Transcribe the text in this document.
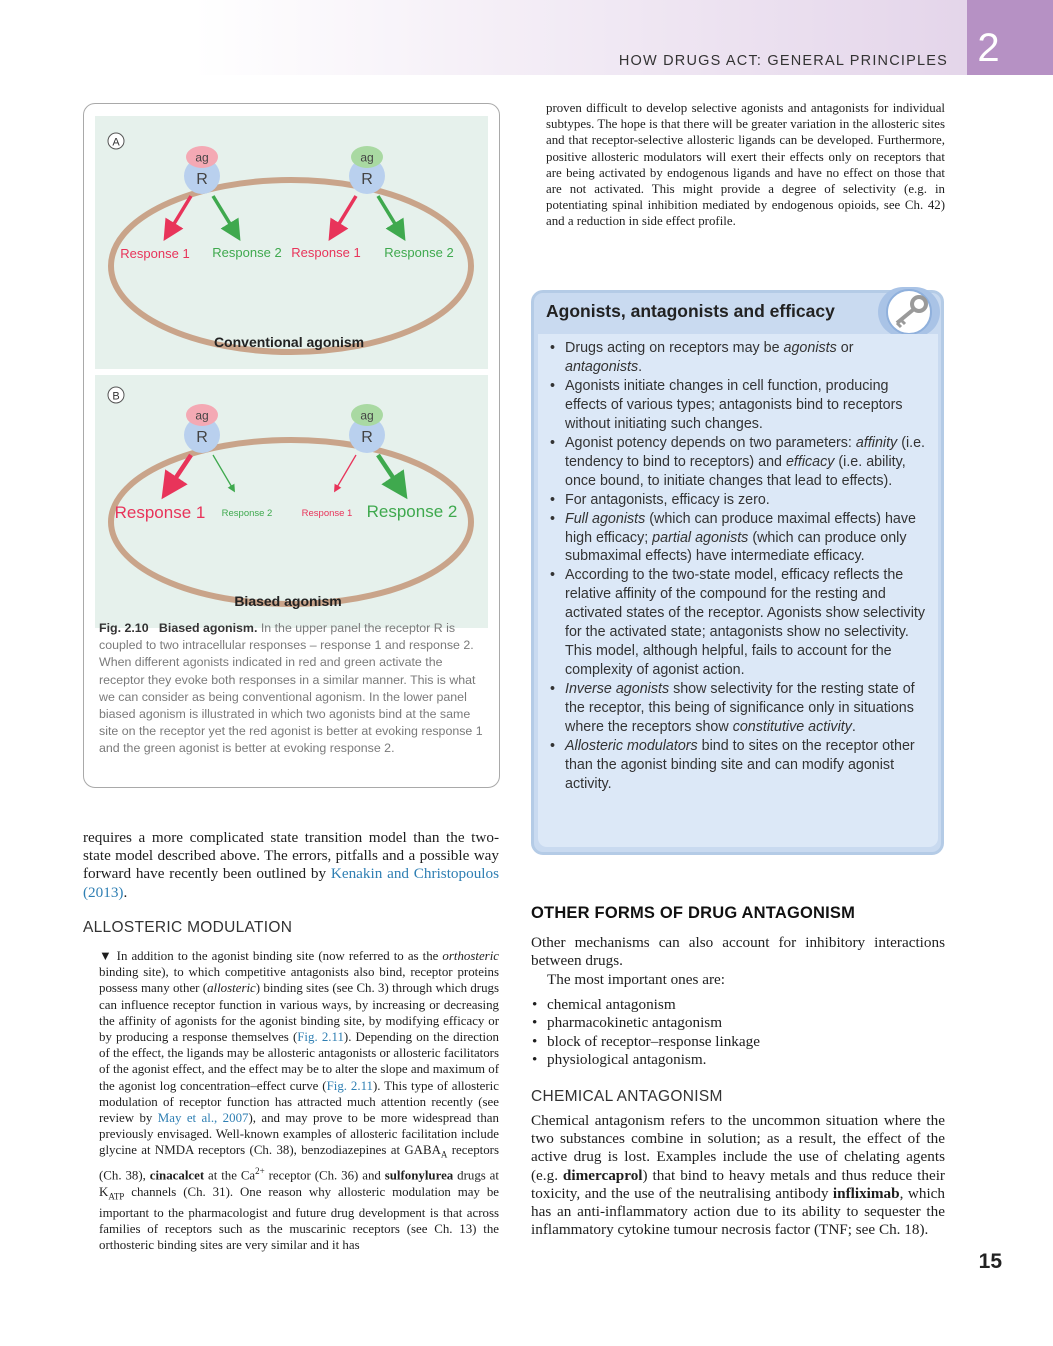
2
HOW DRUGS ACT: GENERAL PRINCIPLES
A
ag
R
ag
R
Response 1 Response 2 Response 1 Response 2
Conventional agonism
B
ag
R
ag
R
Response 1 Response 2	Response 1 Response 2
Biased agonism
Fig. 2.10 Biased agonism. In the upper panel the receptor R is coupled to two intracellular responses – response 1 and response 2. When different agonists indicated in red and green activate the receptor they evoke both responses in a similar manner. This is what we can consider as being conventional agonism. In the lower panel biased agonism is illustrated in which two agonists bind at the same site on the receptor yet the red agonist is better at evoking response 1 and the green agonist is better at evoking response 2.

requires a more complicated state transition model than the two-state model described above. The errors, pitfalls and a possible way forward have recently been outlined by Kenakin and Christopoulos (2013).

ALLOSTERIC MODULATION

▼ In addition to the agonist binding site (now referred to as the orthosteric binding site), to which competitive antagonists also bind, receptor proteins possess many other (allosteric) binding sites (see Ch. 3) through which drugs can influence receptor function in various ways, by increasing or decreasing the affinity of agonists for the agonist binding site, by modifying efficacy or by producing a response themselves (Fig. 2.11). Depending on the direction of the effect, the ligands may be allosteric antagonists or allosteric facilitators of the agonist effect, and the effect may be to alter the slope and maximum of the agonist log concentration–effect curve (Fig. 2.11). This type of allosteric modulation of receptor function has attracted much attention recently (see review by May et al., 2007), and may prove to be more widespread than previously envisaged. Well-known examples of allosteric facilitation include glycine at NMDA receptors (Ch. 38), benzodiazepines at $GABA_A$ receptors (Ch. 38), cinacalcet at the $Ca^{2+}$ receptor (Ch. 36) and sulfonylurea drugs at $K_{ATP}$ channels (Ch. 31). One reason why allosteric modulation may be important to the pharmacologist and future drug development is that across families of receptors such as the muscarinic receptors (see Ch. 13) the orthosteric binding sites are very similar and it has

proven difficult to develop selective agonists and antagonists for individual subtypes. The hope is that there will be greater variation in the allosteric sites and that receptor-selective allosteric ligands can be developed. Furthermore, positive allosteric modulators will exert their effects only on receptors that are being activated by endogenous ligands and have no effect on those that are not activated. This might provide a degree of selectivity (e.g. in potentiating spinal inhibition mediated by endogenous opioids, see Ch. 42) and a reduction in side effect profile.

Agonists, antagonists and efficacy
• Drugs acting on receptors may be agonists or antagonists.
• Agonists initiate changes in cell function, producing effects of various types; antagonists bind to receptors without initiating such changes.
• Agonist potency depends on two parameters: affinity (i.e. tendency to bind to receptors) and efficacy (i.e. ability, once bound, to initiate changes that lead to effects).
• For antagonists, efficacy is zero.
• Full agonists (which can produce maximal effects) have high efficacy; partial agonists (which can produce only submaximal effects) have intermediate efficacy.
• According to the two-state model, efficacy reflects the relative affinity of the compound for the resting and activated states of the receptor. Agonists show selectivity for the activated state; antagonists show no selectivity. This model, although helpful, fails to account for the complexity of agonist action.
• Inverse agonists show selectivity for the resting state of the receptor, this being of significance only in situations where the receptors show constitutive activity.
• Allosteric modulators bind to sites on the receptor other than the agonist binding site and can modify agonist activity.
OTHER FORMS OF DRUG ANTAGONISM

Other mechanisms can also account for inhibitory interactions between drugs.

The most important ones are:

• chemical antagonism
• pharmacokinetic antagonism
• block of receptor–response linkage
• physiological antagonism.
CHEMICAL ANTAGONISM

Chemical antagonism refers to the uncommon situation where the two substances combine in solution; as a result, the effect of the active drug is lost. Examples include the use of chelating agents (e.g. dimercaprol) that bind to heavy metals and thus reduce their toxicity, and the use of the neutralising antibody infliximab, which has an anti-inflammatory action due to its ability to sequester the inflammatory cytokine tumour necrosis factor (TNF; see Ch. 18).

15
